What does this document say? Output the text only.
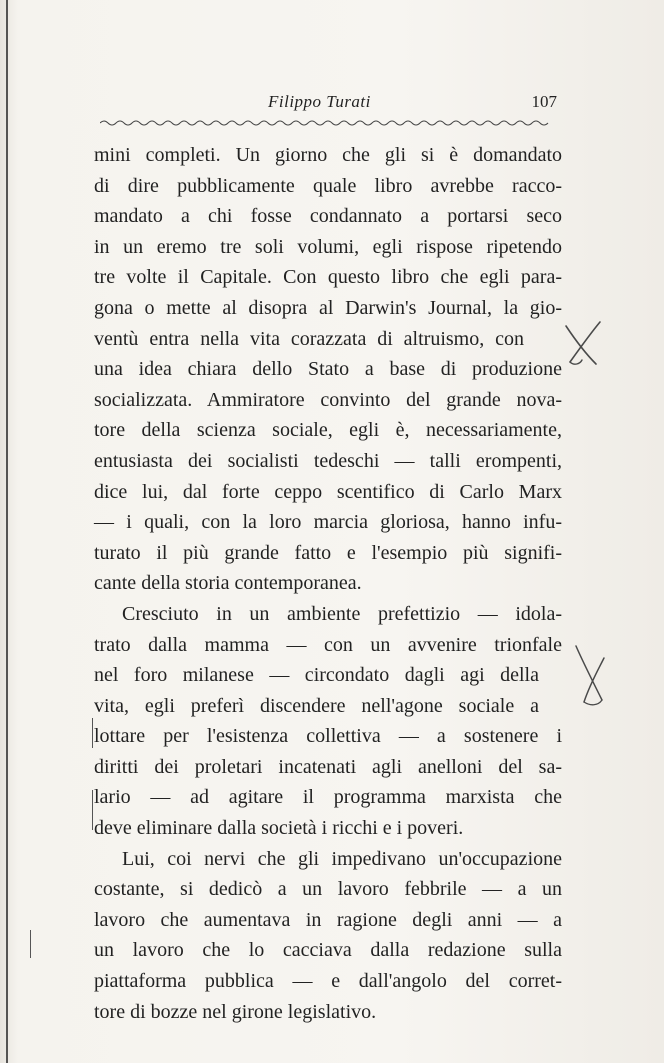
Filippo Turati	107
mini completi. Un giorno che gli si è domandato
di dire pubblicamente quale libro avrebbe racco-
mandato a chi fosse condannato a portarsi seco
in un eremo tre soli volumi, egli rispose ripetendo
tre volte il Capitale. Con questo libro che egli para-
gona o mette al disopra al Darwin's Journal, la gio-
ventù entra nella vita corazzata di altruismo, con
una idea chiara dello Stato a base di produzione
socializzata. Ammiratore convinto del grande nova-
tore della scienza sociale, egli è, necessariamente,
entusiasta dei socialisti tedeschi — talli erompenti,
dice lui, dal forte ceppo scentifico di Carlo Marx
— i quali, con la loro marcia gloriosa, hanno infu-
turato il più grande fatto e l'esempio più signifi-
cante della storia contemporanea.
Cresciuto in un ambiente prefettizio — idola-
trato dalla mamma — con un avvenire trionfale
nel foro milanese — circondato dagli agi della
vita, egli preferì discendere nell'agone sociale a
lottare per l'esistenza collettiva — a sostenere i
diritti dei proletari incatenati agli anelloni del sa-
lario — ad agitare il programma marxista che
deve eliminare dalla società i ricchi e i poveri.
Lui, coi nervi che gli impedivano un'occupazione
costante, si dedicò a un lavoro febbrile — a un
lavoro che aumentava in ragione degli anni — a
un lavoro che lo cacciava dalla redazione sulla
piattaforma pubblica — e dall'angolo del corret-
tore di bozze nel girone legislativo.
